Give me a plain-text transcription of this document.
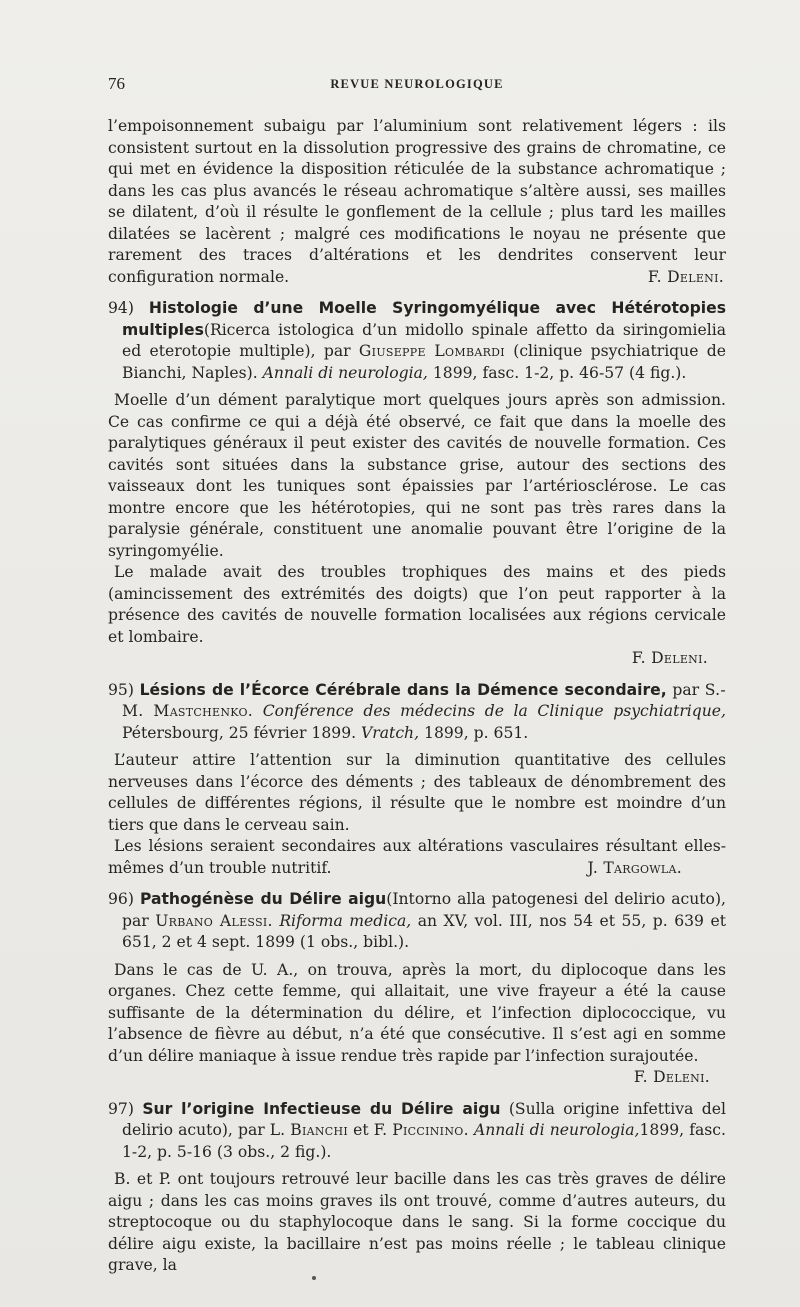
76	REVUE NEUROLOGIQUE

l’empoisonnement subaigu par l’aluminium sont relativement légers : ils consistent surtout en la dissolution progressive des grains de chromatine, ce qui met en évidence la disposition réticulée de la substance achromatique ; dans les cas plus avancés le réseau achromatique s’altère aussi, ses mailles se dilatent, d’où il résulte le gonflement de la cellule ; plus tard les mailles dilatées se lacèrent ; malgré ces modifications le noyau ne présente que rarement des traces d’altérations et les dendrites conservent leur configuration normale.	F. Deleni.

94) Histologie d’une Moelle Syringomyélique avec Hétérotopies multiples(Ricerca istologica d’un midollo spinale affetto da siringomielia ed eterotopie multiple), par Giuseppe Lombardi (clinique psychiatrique de Bianchi, Naples). Annali di neurologia, 1899, fasc. 1-2, p. 46-57 (4 fig.).

Moelle d’un dément paralytique mort quelques jours après son admission. Ce cas confirme ce qui a déjà été observé, ce fait que dans la moelle des paralytiques généraux il peut exister des cavités de nouvelle formation. Ces cavités sont situées dans la substance grise, autour des sections des vaisseaux dont les tuniques sont épaissies par l’artériosclérose. Le cas montre encore que les hétérotopies, qui ne sont pas très rares dans la paralysie générale, constituent une anomalie pouvant être l’origine de la syringomyélie.

Le malade avait des troubles trophiques des mains et des pieds (amincissement des extrémités des doigts) que l’on peut rapporter à la présence des cavités de nouvelle formation localisées aux régions cervicale et lombaire.

F. Deleni.

95) Lésions de l’Écorce Cérébrale dans la Démence secondaire, par S.-M. Mastchenko. Conférence des médecins de la Clinique psychiatrique, Pétersbourg, 25 février 1899. Vratch, 1899, p. 651.

L’auteur attire l’attention sur la diminution quantitative des cellules nerveuses dans l’écorce des déments ; des tableaux de dénombrement des cellules de différentes régions, il résulte que le nombre est moindre d’un tiers que dans le cerveau sain.

Les lésions seraient secondaires aux altérations vasculaires résultant elles-mêmes d’un trouble nutritif.	J. Targowla.

96) Pathogénèse du Délire aigu(Intorno alla patogenesi del delirio acuto), par Urbano Alessi. Riforma medica, an XV, vol. III, nos 54 et 55, p. 639 et 651, 2 et 4 sept. 1899 (1 obs., bibl.).

Dans le cas de U. A., on trouva, après la mort, du diplocoque dans les organes. Chez cette femme, qui allaitait, une vive frayeur a été la cause suffisante de la détermination du délire, et l’infection diplococcique, vu l’absence de fièvre au début, n’a été que consécutive. Il s’est agi en somme d’un délire maniaque à issue rendue très rapide par l’infection surajoutée.
F. Deleni.

97) Sur l’origine Infectieuse du Délire aigu (Sulla origine infettiva del delirio acuto), par L. Bianchi et F. Piccinino. Annali di neurologia,1899, fasc. 1-2, p. 5-16 (3 obs., 2 fig.).

B. et P. ont toujours retrouvé leur bacille dans les cas très graves de délire aigu ; dans les cas moins graves ils ont trouvé, comme d’autres auteurs, du streptocoque ou du staphylocoque dans le sang. Si la forme coccique du délire aigu existe, la bacillaire n’est pas moins réelle ; le tableau clinique grave, la
